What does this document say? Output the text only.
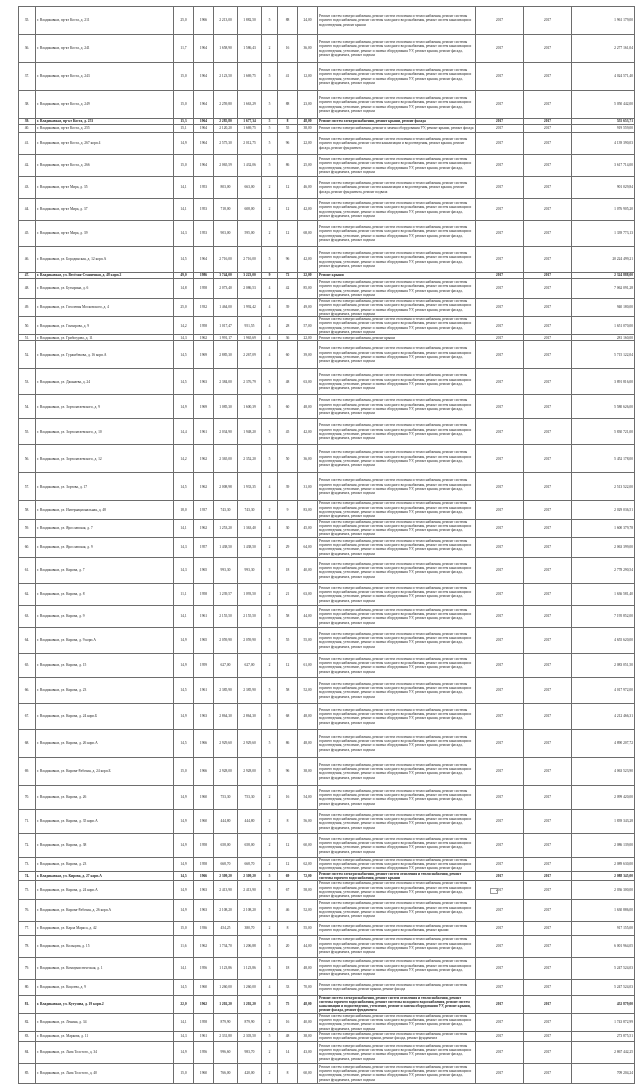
35.	г. Владикавказ, пр-кт Коста, д. 211	25,0	1966	2 213,00	1 882,50	5	88	24,00	Ремонт систем электроснабжения, ремонт систем отопления и теплоснабжения, ремонт системы горячего водоснабжения, ремонт системы холодного водоснабжения, ремонт систем канализации и водоотведения, ремонт крыши	2017	2017	1 961 179,00
36.	г. Владикавказ, пр-кт Коста, д. 241	11,7	1964	1 658,90	1 586,43	2	16	36,00	Ремонт систем электроснабжения, ремонт систем отопления и теплоснабжения, ремонт системы горячего водоснабжения, ремонт системы холодного водоснабжения, ремонт систем канализации и водоотведения, утепление, ремонт и замена оборудования УУ, ремонт крыши, ремонт фасада, ремонт фундамента, ремонт подвала	2017	2017	2 277 161,04
37.	г. Владикавказ, пр-кт Коста, д. 243	15,0	1964	2 123,50	1 669,75	5	41	12,00	Ремонт систем электроснабжения, ремонт систем отопления и теплоснабжения, ремонт системы горячего водоснабжения, ремонт системы холодного водоснабжения, ремонт систем канализации и водоотведения, утепление, ремонт и замена оборудования УУ, ремонт крыши, ремонт фасада, ремонт фундамента, ремонт подвала	2017	2017	4 024 571,40
38.	г. Владикавказ, пр-кт Коста, д. 249	15,0	1964	2 259,80	1 663,29	5	88	23,00	Ремонт систем электроснабжения, ремонт систем отопления и теплоснабжения, ремонт системы горячего водоснабжения, ремонт системы холодного водоснабжения, ремонт систем канализации и водоотведения, утепление, ремонт и замена оборудования УУ, ремонт крыши, ремонт фасада, ремонт фундамента, ремонт подвала	2017	2017	5 050 442,00
39.	г. Владикавказ, пр-кт Коста, д. 253	15,3	1964	2 285,80	1 677,34	5	8	48,00	Ремонт систем электроснабжения, ремонт крыши, ремонт фасада	2017	2017	555 653,71
40.	г. Владикавказ, пр-кт Коста, д. 255	15,1	1964	2 120,20	1 669,75	5	55	38,00	Ремонт систем электроснабжения, ремонт и замена оборудования УУ, ремонт крыши, ремонт фасада	2017	2017	919 559,00
41.	г. Владикавказ, пр-кт Коста, д. 267 корп.4	14,9	1964	2 575,30	2 012,75	5	96	22,00	Ремонт систем электроснабжения, ремонт систем отопления и теплоснабжения, ремонт системы горячего водоснабжения, ремонт систем канализации и водоотведения, ремонт крыши, ремонт фасада, ремонт фундамента	2017	2017	4 139 390,03
42.	г. Владикавказ, пр-кт Коста, д. 266	15,0	1964	2 065,59	1 432,06	5	86	25,00	Ремонт систем электроснабжения, ремонт систем отопления и теплоснабжения, ремонт системы горячего водоснабжения, ремонт системы холодного водоснабжения, ремонт систем канализации и водоотведения, утепление, ремонт и замена оборудования УУ, ремонт крыши, ремонт фасада, ремонт фундамента, ремонт подвала	2017	2017	3 617 714,00
43.	г. Владикавказ, пр-кт Мира, д. 35	14,1	1953	803,00	663,00	2	12	46,00	Ремонт систем электроснабжения, ремонт систем отопления и теплоснабжения, ремонт системы горячего водоснабжения, ремонт систем канализации и водоотведения, ремонт крыши, ремонт фасада, ремонт фундамента, ремонт подвала	2017	2017	901 029,84
44.	г. Владикавказ, пр-кт Мира, д. 37	14,1	1953	718,00	608,00	2	12	42,00	Ремонт систем электроснабжения, ремонт систем отопления и теплоснабжения, ремонт системы горячего водоснабжения, ремонт системы холодного водоснабжения, ремонт систем канализации и водоотведения, утепление, ремонт и замена оборудования УУ, ремонт крыши, ремонт фасада, ремонт фундамента, ремонт подвала	2017	2017	1 076 905,20
45.	г. Владикавказ, пр-кт Мира, д. 39	14,3	1953	903,00	595,00	2	12	68,00	Ремонт систем электроснабжения, ремонт систем отопления и теплоснабжения, ремонт системы горячего водоснабжения, ремонт системы холодного водоснабжения, ремонт систем канализации и водоотведения, утепление, ремонт и замена оборудования УУ, ремонт крыши, ремонт фасада, ремонт фундамента, ремонт подвала	2017	2017	1 339 773,13
46.	г. Владикавказ, ул. Бородинская, д. 12 корп.А	14,5	1964	2 716,00	2 716,00	5	96	42,00	Ремонт систем электроснабжения, ремонт систем отопления и теплоснабжения, ремонт системы горячего водоснабжения, ремонт системы холодного водоснабжения, ремонт систем канализации и водоотведения, утепление, ремонт и замена оборудования УУ, ремонт крыши, ремонт фасада, ремонт фундамента, ремонт подвала	2017	2017	20 224 499,21
47.	г. Владикавказ, ул. Весёлая-Станичная, д. 48 корп.2	49,0	1986	3 744,00	3 223,00	9	72	22,00	Ремонт крыши	2017	2017	2 324 888,00
48.	г. Владикавказ, ул. Бутырина, д. 6	14,8	1958	2 073,40	2 086,53	4	42	85,00	Ремонт систем электроснабжения, ремонт систем отопления и теплоснабжения, ремонт системы горячего водоснабжения, ремонт системы холодного водоснабжения, ремонт систем канализации и водоотведения, утепление, ремонт и замена оборудования УУ, ремонт крыши, ремонт фасада, ремонт фундамента, ремонт подвала	2017	2017	7 062 091,28
49.	г. Владикавказ, ул. Гоголевая Московского, д. 4	25,0	1932	1 464,00	1 992,42	4	39	49,00	Ремонт систем электроснабжения, ремонт систем отопления и теплоснабжения, ремонт системы горячего водоснабжения, ремонт системы холодного водоснабжения, ремонт систем канализации и водоотведения, утепление, ремонт и замена оборудования УУ, ремонт крыши, ремонт фасада, ремонт фундамента, ремонт подвала	2017	2017	940 180,00
50.	г. Владикавказ, ул. Гончарова, д. 9	14,2	1958	1 017,47	951,55	4	28	57,00	Ремонт систем электроснабжения, ремонт систем отопления и теплоснабжения, ремонт системы горячего водоснабжения, ремонт системы холодного водоснабжения, ремонт систем канализации и водоотведения, утепление, ремонт и замена оборудования УУ, ремонт крыши, ремонт фасада, ремонт фундамента, ремонт подвала	2017	2017	1 651 070,00
51.	г. Владикавказ, ул. Грибоедова, д. 11	14,3	1962	1 991,17	1 965,69	4	36	22,00	Ремонт систем электроснабжения, ремонт крыши	2017	2017	281 160,00
52.	г. Владикавказ, ул. Гуржибекова, д. 16 корп.А	14,5	1969	2 885,30	2 267,09	4	60	39,00	Ремонт систем электроснабжения, ремонт систем отопления и теплоснабжения, ремонт системы горячего водоснабжения, ремонт системы холодного водоснабжения, ремонт систем канализации и водоотведения, утепление, ремонт и замена оборудования УУ, ремонт крыши, ремонт фасада, ремонт фундамента, ремонт подвала	2017	2017	5 715 122,04
53.	г. Владикавказ, ул. Джанаева, д. 24	14,5	1963	2 384,00	2 376,79	5	48	63,00	Ремонт систем электроснабжения, ремонт систем отопления и теплоснабжения, ремонт системы горячего водоснабжения, ремонт системы холодного водоснабжения, ремонт систем канализации и водоотведения, утепление, ремонт и замена оборудования УУ, ремонт крыши, ремонт фасада, ремонт фундамента, ремонт подвала	2017	2017	3 891 816,00
54.	г. Владикавказ, ул. Зортолатаевского, д. 9	14,9	1969	1 085,30	1 600,39	5	60	48,00	Ремонт систем электроснабжения, ремонт систем отопления и теплоснабжения, ремонт системы горячего водоснабжения, ремонт системы холодного водоснабжения, ремонт систем канализации и водоотведения, утепление, ремонт и замена оборудования УУ, ремонт крыши, ремонт фасада, ремонт фундамента, ремонт подвала	2017	2017	5 580 626,00
55.	г. Владикавказ, ул. Зортолатаевского, д. 10	14,4	1961	2 034,90	1 948,20	5	45	42,00	Ремонт систем электроснабжения, ремонт систем отопления и теплоснабжения, ремонт системы горячего водоснабжения, ремонт системы холодного водоснабжения, ремонт систем канализации и водоотведения, утепление, ремонт и замена оборудования УУ, ремонт крыши, ремонт фасада, ремонт фундамента, ремонт подвала	2017	2017	5 830 721,00
56.	г. Владикавказ, ул. Зортолатаевского, д. 12	14,2	1962	2 365,00	2 352,20	5	50	36,00	Ремонт систем электроснабжения, ремонт систем отопления и теплоснабжения, ремонт системы горячего водоснабжения, ремонт системы холодного водоснабжения, ремонт систем канализации и водоотведения, утепление, ремонт и замена оборудования УУ, ремонт крыши, ремонт фасада, ремонт фундамента, ремонт подвала	2017	2017	5 452 178,00
57.	г. Владикавказ, ул. Зортова, д. 17	14,5	1962	2 008,98	1 933,35	4	39	31,00	Ремонт систем электроснабжения, ремонт систем отопления и теплоснабжения, ремонт системы горячего водоснабжения, ремонт системы холодного водоснабжения, ремонт систем канализации и водоотведения, утепление, ремонт и замена оборудования УУ, ремонт крыши, ремонт фасада, ремонт фундамента, ремонт подвала	2017	2017	2 513 522,00
58.	г. Владикавказ, ул. Интернациональная, д. 48	18,0	1937	743,30	743,30	2	9	83,00	Ремонт систем электроснабжения, ремонт систем отопления и теплоснабжения, ремонт системы горячего водоснабжения, ремонт системы холодного водоснабжения, ремонт систем канализации и водоотведения, утепление, ремонт и замена оборудования УУ, ремонт крыши, ремонт фасада, ремонт фундамента, ремонт подвала	2017	2017	2 029 036,51
59.	г. Владикавказ, ул. Ярославская, д. 7	14,1	1962	1 253,20	1 363,40	4	30	45,00	Ремонт систем электроснабжения, ремонт систем отопления и теплоснабжения, ремонт системы горячего водоснабжения, ремонт системы холодного водоснабжения, ремонт систем канализации и водоотведения, утепление, ремонт и замена оборудования УУ, ремонт крыши, ремонт фасада, ремонт фундамента, ремонт подвала	2017	2017	1 600 379,78
60.	г. Владикавказ, ул. Ярославская, д. 9	14,3	1957	1 438,50	1 438,50	2	29	64,00	Ремонт систем электроснабжения, ремонт систем отопления и теплоснабжения, ремонт системы горячего водоснабжения, ремонт системы холодного водоснабжения, ремонт систем канализации и водоотведения, утепление, ремонт и замена оборудования УУ, ремонт крыши, ремонт фасада, ремонт фундамента, ремонт подвала	2017	2017	2 063 399,00
61.	г. Владикавказ, ул. Кирова, д. 7	14,3	1965	993,30	993,30	3	18	40,00	Ремонт систем электроснабжения, ремонт систем отопления и теплоснабжения, ремонт системы горячего водоснабжения, ремонт системы холодного водоснабжения, ремонт систем канализации и водоотведения, утепление, ремонт и замена оборудования УУ, ремонт крыши, ремонт фасада, ремонт фундамента, ремонт подвала	2017	2017	2 778 290,54
62.	г. Владикавказ, ул. Кирова, д. 8	11,1	1958	1 239,57	1 093,50	2	21	63,00	Ремонт систем электроснабжения, ремонт систем отопления и теплоснабжения, ремонт системы горячего водоснабжения, ремонт системы холодного водоснабжения, ремонт систем канализации и водоотведения, утепление, ремонт и замена оборудования УУ, ремонт крыши, ремонт фасада, ремонт фундамента, ремонт подвала	2017	2017	1 636 581,40
63.	г. Владикавказ, ул. Кирова, д. 9	14,1	1961	2 155,50	2 155,50	5	58	44,00	Ремонт систем электроснабжения, ремонт систем отопления и теплоснабжения, ремонт системы горячего водоснабжения, ремонт системы холодного водоснабжения, ремонт систем канализации и водоотведения, утепление, ремонт и замена оборудования УУ, ремонт крыши, ремонт фасада, ремонт фундамента, ремонт подвала	2017	2017	7 195 852,00
64.	г. Владикавказ, ул. Кирова, д. 9 корп.А	14,9	1965	2 059,90	2 059,90	5	55	55,00	Ремонт систем электроснабжения, ремонт систем отопления и теплоснабжения, ремонт системы горячего водоснабжения, ремонт системы холодного водоснабжения, ремонт систем канализации и водоотведения, утепление, ремонт и замена оборудования УУ, ремонт крыши, ремонт фасада, ремонт фундамента, ремонт подвала	2017	2017	4 655 620,00
65.	г. Владикавказ, ул. Кирова, д. 15	14,9	1959	627,00	627,00	2	12	61,00	Ремонт систем электроснабжения, ремонт систем отопления и теплоснабжения, ремонт системы горячего водоснабжения, ремонт системы холодного водоснабжения, ремонт систем канализации и водоотведения, утепление, ремонт и замена оборудования УУ, ремонт крыши, ремонт фасада, ремонт фундамента, ремонт подвала	2017	2017	2 083 051,50
66.	г. Владикавказ, ул. Кирова, д. 23	14,5	1961	2 385,90	2 385,90	5	58	52,00	Ремонт систем электроснабжения, ремонт систем отопления и теплоснабжения, ремонт системы горячего водоснабжения, ремонт системы холодного водоснабжения, ремонт систем канализации и водоотведения, утепление, ремонт и замена оборудования УУ, ремонт крыши, ремонт фасада, ремонт фундамента, ремонт подвала	2017	2017	4 017 972,00
67.	г. Владикавказ, ул. Кирова, д. 24 корп.Б	14,9	1963	2 864,30	2 864,30	5	68	48,00	Ремонт систем электроснабжения, ремонт систем отопления и теплоснабжения, ремонт системы горячего водоснабжения, ремонт системы холодного водоснабжения, ремонт систем канализации и водоотведения, утепление, ремонт и замена оборудования УУ, ремонт крыши, ремонт фасада, ремонт фундамента, ремонт подвала	2017	2017	4 212 466,31
68.	г. Владикавказ, ул. Кирова, д. 26 корп.А	14,5	1966	2 929,60	2 929,60	5	86	48,00	Ремонт систем электроснабжения, ремонт систем отопления и теплоснабжения, ремонт системы горячего водоснабжения, ремонт системы холодного водоснабжения, ремонт систем канализации и водоотведения, утепление, ремонт и замена оборудования УУ, ремонт крыши, ремонт фасада, ремонт фундамента, ремонт подвала	2017	2017	4 890 207,72
69.	г. Владикавказ, ул. Кирова-Рабочая, д. 24 корп.Б	15,0	1966	2 928,00	2 928,00	5	96	38,00	Ремонт систем электроснабжения, ремонт систем отопления и теплоснабжения, ремонт системы горячего водоснабжения, ремонт системы холодного водоснабжения, ремонт систем канализации и водоотведения, утепление, ремонт и замена оборудования УУ, ремонт крыши, ремонт фасада, ремонт фундамента, ремонт подвала	2017	2017	4 063 523,90
70.	г. Владикавказ, ул. Кирова, д. 26	14,9	1960	753,30	753,30	2	16	54,00	Ремонт систем электроснабжения, ремонт систем отопления и теплоснабжения, ремонт системы горячего водоснабжения, ремонт системы холодного водоснабжения, ремонт систем канализации и водоотведения, утепление, ремонт и замена оборудования УУ, ремонт крыши, ремонт фасада, ремонт фундамента, ремонт подвала	2017	2017	2 099 420,00
71.	г. Владикавказ, ул. Кирова, д. 35 корп.А	14,9	1960	444,80	444,80	2	8	56,00	Ремонт систем электроснабжения, ремонт систем отопления и теплоснабжения, ремонт системы горячего водоснабжения, ремонт системы холодного водоснабжения, ремонт систем канализации и водоотведения, утепление, ремонт и замена оборудования УУ, ремонт крыши, ремонт фасада, ремонт фундамента, ремонт подвала	2017	2017	1 839 343,28
72.	г. Владикавказ, ул. Кирова, д. 38	14,9	1958	658,00	658,00	2	12	60,00	Ремонт систем электроснабжения, ремонт систем отопления и теплоснабжения, ремонт системы горячего водоснабжения, ремонт системы холодного водоснабжения, ремонт систем канализации и водоотведения, утепление, ремонт и замена оборудования УУ, ремонт крыши, ремонт фасада, ремонт фундамента, ремонт подвала	2017	2017	2 086 139,00
73.	г. Владикавказ, ул. Кирова, д. 23	14,9	1958	668,70	668,70	2	12	62,00	Ремонт систем электроснабжения, ремонт систем отопления и теплоснабжения, ремонт системы горячего водоснабжения, ремонт системы холодного водоснабжения, ремонт систем канализации и водоотведения, утепление, ремонт и замена оборудования УУ, ремонт крыши, ремонт фасада	2017	2017	2 089 630,00
74.	г. Владикавказ, ул. Кирова, д. 27 корп.А	14,5	1966	2 309,20	2 309,20	5	69	72,00	Ремонт систем электроснабжения, ремонт систем отопления и теплоснабжения, ремонт системы горячего водоснабжения, ремонт крыши	2017	2017	2 088 345,00
75.	г. Владикавказ, ул. Кирова, д. 24 корп.А	14,9	1963	2 413,90	2 413,90	5	67	58,00	Ремонт систем электроснабжения, ремонт систем отопления и теплоснабжения, ремонт системы горячего водоснабжения, ремонт системы холодного водоснабжения, ремонт систем канализации и водоотведения, утепление, ремонт и замена оборудования УУ, ремонт крыши, ремонт фасада, ремонт фундамента, ремонт подвала	2017	2017	2 036 300,00
76.	г. Владикавказ, ул. Кирова-Рабочая, д. 26 корп.А	14,9	1963	2 108,20	2 108,20	5	46	52,00	Ремонт систем электроснабжения, ремонт систем отопления и теплоснабжения, ремонт системы горячего водоснабжения, ремонт системы холодного водоснабжения, ремонт систем канализации и водоотведения, утепление, ремонт и замена оборудования УУ, ремонт крыши, ремонт фасада, ремонт фундамента, ремонт подвала	2017	2017	1 630 886,00
77.	г. Владикавказ, ул. Карла Маркса, д. 42	15,0	1936	454,25	380,70	2	8	55,00	Ремонт систем электроснабжения, ремонт систем отопления и теплоснабжения, ремонт системы горячего водоснабжения, ремонт системы холодного водоснабжения, ремонт крыши	2017	2017	917 155,00
78.	г. Владикавказ, ул. Кольцова, д. 15	11,6	1962	1 734,70	1 206,88	5	20	44,00	Ремонт систем электроснабжения, ремонт систем отопления и теплоснабжения, ремонт системы горячего водоснабжения, ремонт системы холодного водоснабжения, ремонт систем канализации и водоотведения, утепление, ремонт и замена оборудования УУ, ремонт крыши, ремонт фасада, ремонт фундамента, ремонт подвала	2017	2017	6 001 964,05
79.	г. Владикавказ, ул. Коммунистическая, д. 1	14,1	1956	1 123,86	1 123,86	3	18	48,00	Ремонт систем электроснабжения, ремонт систем отопления и теплоснабжения, ремонт системы горячего водоснабжения, ремонт системы холодного водоснабжения, ремонт систем канализации и водоотведения, утепление, ремонт и замена оборудования УУ, ремонт крыши, ремонт фасада, ремонт фундамента, ремонт подвала	2017	2017	5 247 524,03
80.	г. Владикавказ, ул. Коцоева, д. 9	14,5	1960	1 260,00	1 260,00	4	33	70,00	Ремонт систем электроснабжения, ремонт систем отопления и теплоснабжения, ремонт системы горячего водоснабжения, ремонт крыши, ремонт фасада	2017	2017	5 247 524,03
81.	г. Владикавказ, ул. Кутузова, д. 19 корп.2	22,0	1962	1 202,20	1 202,20	5	75	48,00	Ремонт систем электроснабжения, ремонт систем отопления и теплоснабжения, ремонт системы горячего водоснабжения, ремонт системы холодного водоснабжения, ремонт систем канализации и водоотведения, утепление, ремонт и замена оборудования УУ, ремонт крыши, ремонт фасада, ремонт фундамента	2017	2017	452 879,00
82.	г. Владикавказ, ул. Ленина, д. 34	14,1	1958	879,90	879,90	2	16	40,00	Ремонт систем электроснабжения, ремонт систем отопления и теплоснабжения, ремонт системы горячего водоснабжения, ремонт системы холодного водоснабжения, ремонт систем канализации и водоотведения, утепление, ремонт и замена оборудования УУ, ремонт крыши, ремонт фасада, ремонт фундамента, ремонт подвала	2017	2017	1 743 872,99
83.	г. Владикавказ, ул. Маркова, д. 11	14,3	1961	2 331,80	2 303,50	5	48	38,00	Ремонт систем электроснабжения, ремонт систем отопления и теплоснабжения, ремонт системы горячего водоснабжения, ремонт крыши, ремонт фасада, ремонт фундамента	2017	2017	273 875,51
84.	г. Владикавказ, ул. Льва Толстого, д. 34	14,9	1956	996,60	983,70	2	14	43,00	Ремонт систем электроснабжения, ремонт систем отопления и теплоснабжения, ремонт системы горячего водоснабжения, ремонт системы холодного водоснабжения, ремонт систем канализации и водоотведения, утепление, ремонт и замена оборудования УУ, ремонт крыши, ремонт фасада, ремонт фундамента, ремонт подвала	2017	2017	2 867 442,25
85.	г. Владикавказ, ул. Льва Толстого, д. 40	15,0	1960	766,00	420,00	2	8	60,00	Ремонт систем электроснабжения, ремонт систем отопления и теплоснабжения, ремонт системы горячего водоснабжения, ремонт системы холодного водоснабжения, ремонт систем канализации и водоотведения, утепление, ремонт и замена оборудования УУ, ремонт крыши, ремонт фасада, ремонт фундамента, ремонт подвала	2017	2017	709 204,24
